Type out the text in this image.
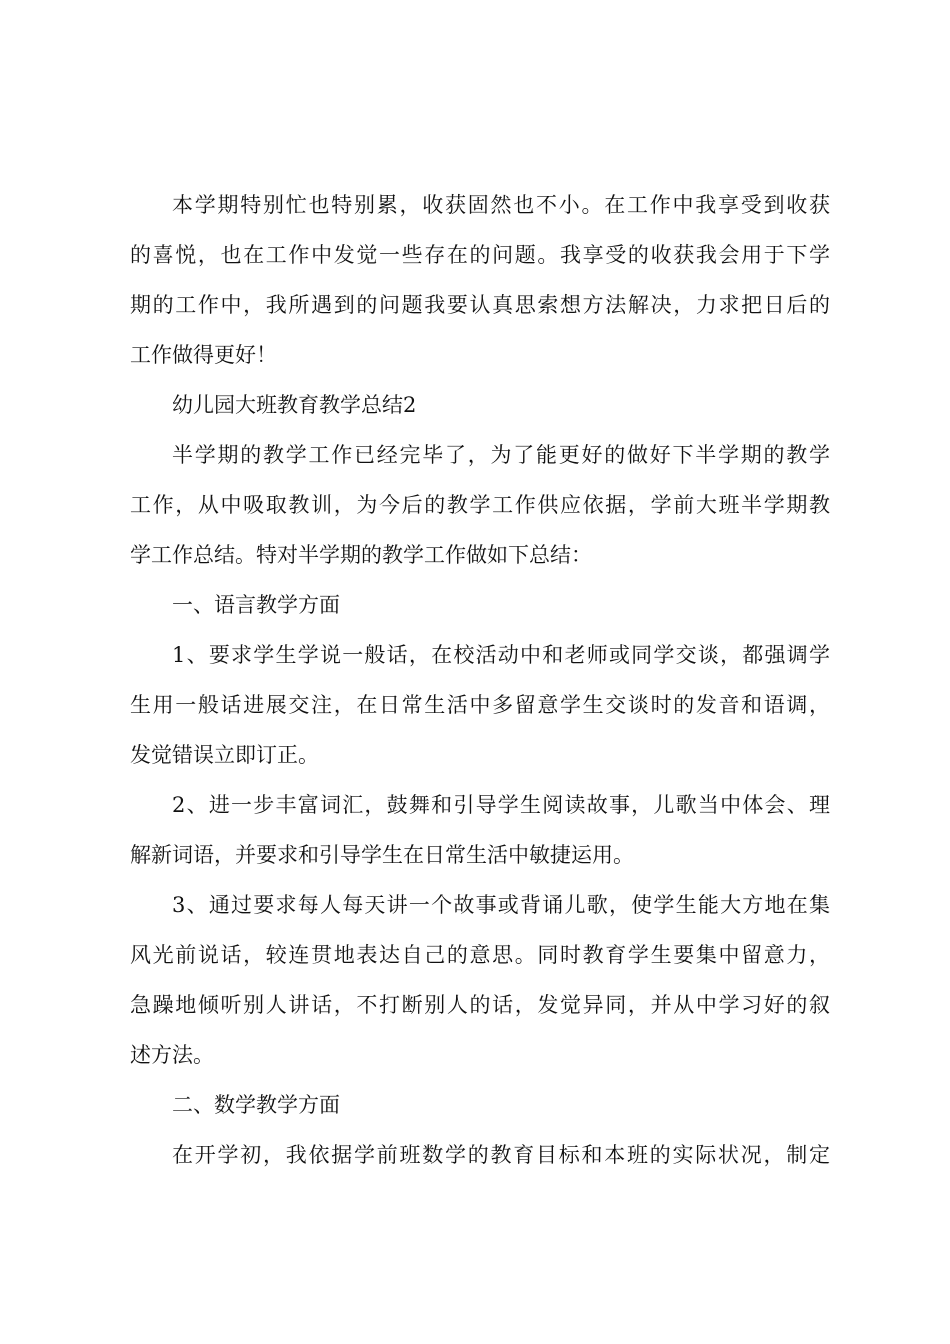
本学期特别忙也特别累，收获固然也不小。在工作中我享受到收获
的喜悦，也在工作中发觉一些存在的问题。我享受的收获我会用于下学
期的工作中，我所遇到的问题我要认真思索想方法解决，力求把日后的
工作做得更好！
幼儿园大班教育教学总结2
半学期的教学工作已经完毕了，为了能更好的做好下半学期的教学
工作，从中吸取教训，为今后的教学工作供应依据，学前大班半学期教
学工作总结。特对半学期的教学工作做如下总结：
一、语言教学方面
1、要求学生学说一般话，在校活动中和老师或同学交谈，都强调学
生用一般话进展交注，在日常生活中多留意学生交谈时的发音和语调，
发觉错误立即订正。
2、进一步丰富词汇，鼓舞和引导学生阅读故事，儿歌当中体会、理
解新词语，并要求和引导学生在日常生活中敏捷运用。
3、通过要求每人每天讲一个故事或背诵儿歌，使学生能大方地在集
风光前说话，较连贯地表达自己的意思。同时教育学生要集中留意力，
急躁地倾听别人讲话，不打断别人的话，发觉异同，并从中学习好的叙
述方法。
二、数学教学方面
在开学初，我依据学前班数学的教育目标和本班的实际状况，制定
